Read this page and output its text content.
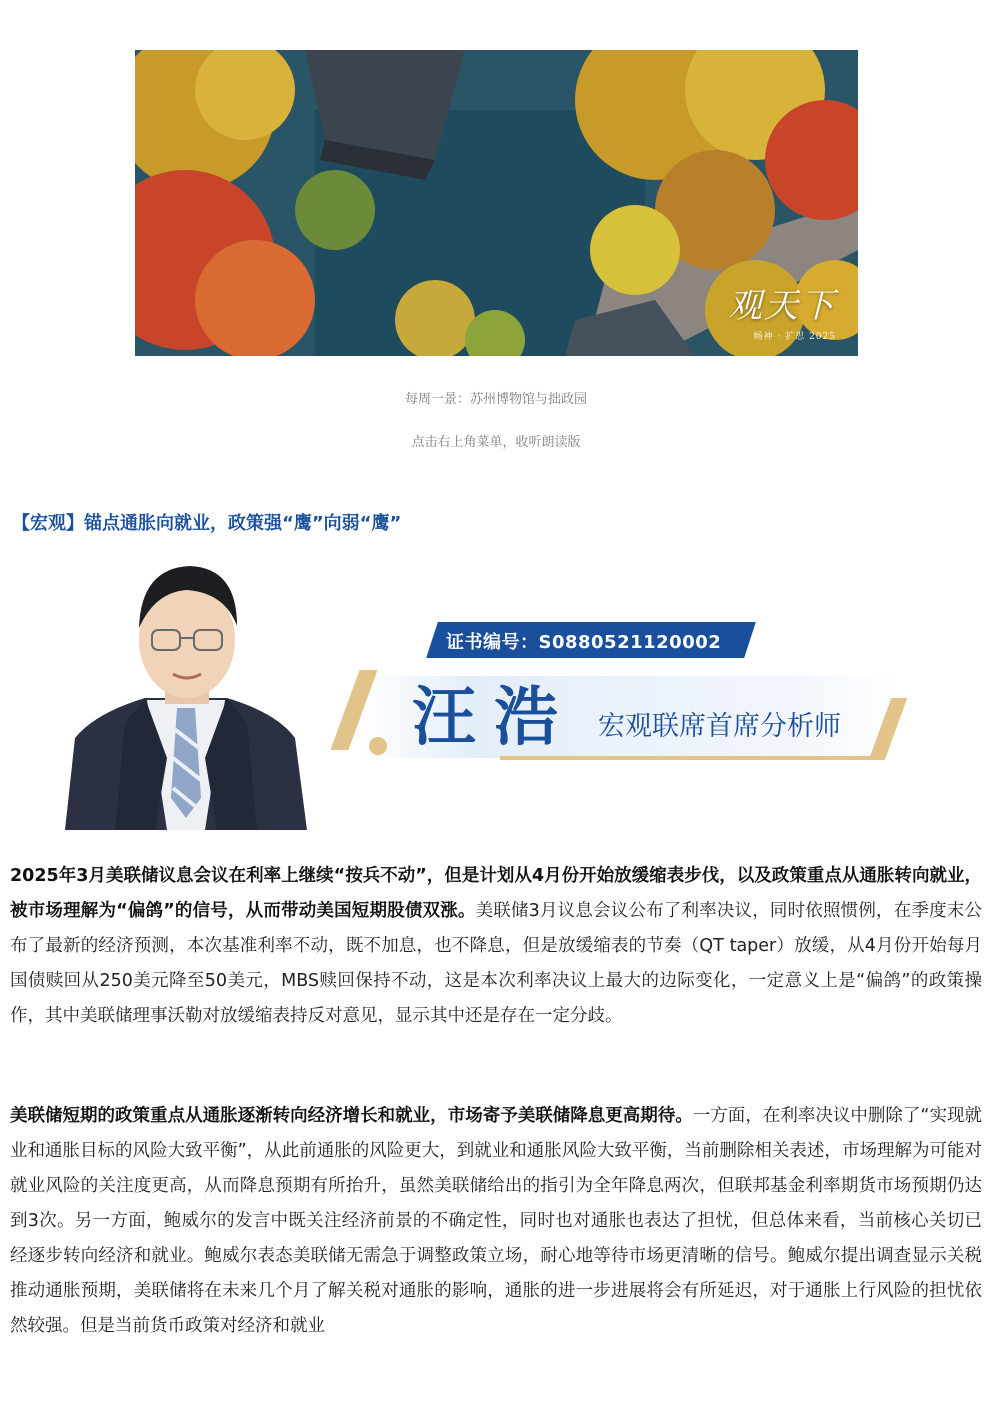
观天下
畅神 · 扩思 2025
每周一景：苏州博物馆与拙政园
点击右上角菜单，收听朗读版
【宏观】锚点通胀向就业，政策强“鹰”向弱“鹰”
证书编号：S0880521120002
汪浩 宏观联席首席分析师
2025年3月美联储议息会议在利率上继续“按兵不动”，但是计划从4月份开始放缓缩表步伐，以及政策重点从通胀转向就业，被市场理解为“偏鸽”的信号，从而带动美国短期股债双涨。美联储3月议息会议公布了利率决议，同时依照惯例，在季度末公布了最新的经济预测，本次基准利率不动，既不加息，也不降息，但是放缓缩表的节奏（QT taper）放缓，从4月份开始每月国债赎回从250美元降至50美元，MBS赎回保持不动，这是本次利率决议上最大的边际变化，一定意义上是“偏鸽”的政策操作，其中美联储理事沃勒对放缓缩表持反对意见，显示其中还是存在一定分歧。
美联储短期的政策重点从通胀逐渐转向经济增长和就业，市场寄予美联储降息更高期待。一方面，在利率决议中删除了“实现就业和通胀目标的风险大致平衡”，从此前通胀的风险更大，到就业和通胀风险大致平衡，当前删除相关表述，市场理解为可能对就业风险的关注度更高，从而降息预期有所抬升，虽然美联储给出的指引为全年降息两次，但联邦基金利率期货市场预期仍达到3次。另一方面，鲍威尔的发言中既关注经济前景的不确定性，同时也对通胀也表达了担忧，但总体来看，当前核心关切已经逐步转向经济和就业。鲍威尔表态美联储无需急于调整政策立场，耐心地等待市场更清晰的信号。鲍威尔提出调查显示关税推动通胀预期，美联储将在未来几个月了解关税对通胀的影响，通胀的进一步进展将会有所延迟，对于通胀上行风险的担忧依然较强。但是当前货币政策对经济和就业
